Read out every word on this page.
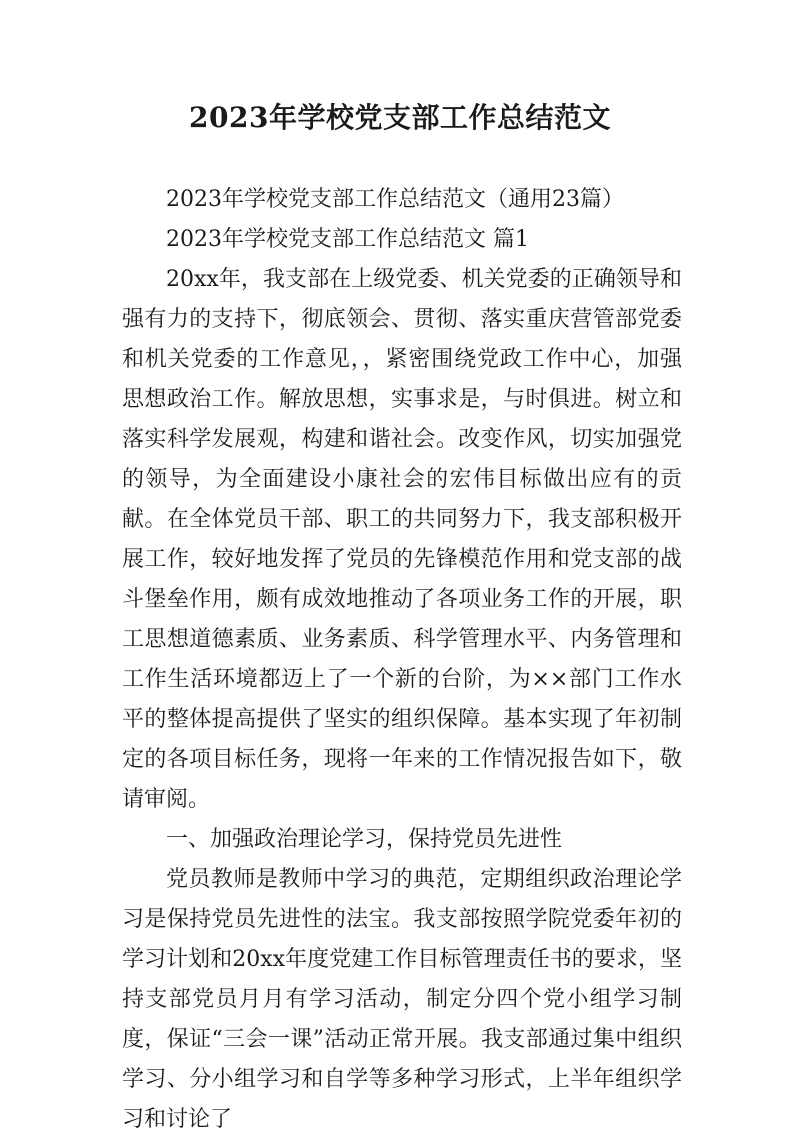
2023年学校党支部工作总结范文

2023年学校党支部工作总结范文（通用23篇）

2023年学校党支部工作总结范文 篇1

20xx年，我支部在上级党委、机关党委的正确领导和强有力的支持下，彻底领会、贯彻、落实重庆营管部党委和机关党委的工作意见，，紧密围绕党政工作中心，加强思想政治工作。解放思想，实事求是，与时俱进。树立和落实科学发展观，构建和谐社会。改变作风，切实加强党的领导，为全面建设小康社会的宏伟目标做出应有的贡献。在全体党员干部、职工的共同努力下，我支部积极开展工作，较好地发挥了党员的先锋模范作用和党支部的战斗堡垒作用，颇有成效地推动了各项业务工作的开展，职工思想道德素质、业务素质、科学管理水平、内务管理和工作生活环境都迈上了一个新的台阶，为××部门工作水平的整体提高提供了坚实的组织保障。基本实现了年初制定的各项目标任务，现将一年来的工作情况报告如下，敬请审阅。

一、加强政治理论学习，保持党员先进性

党员教师是教师中学习的典范，定期组织政治理论学习是保持党员先进性的法宝。我支部按照学院党委年初的学习计划和20xx年度党建工作目标管理责任书的要求，坚持支部党员月月有学习活动，制定分四个党小组学习制度，保证“三会一课”活动正常开展。我支部通过集中组织学习、分小组学习和自学等多种学习形式，上半年组织学习和讨论了
